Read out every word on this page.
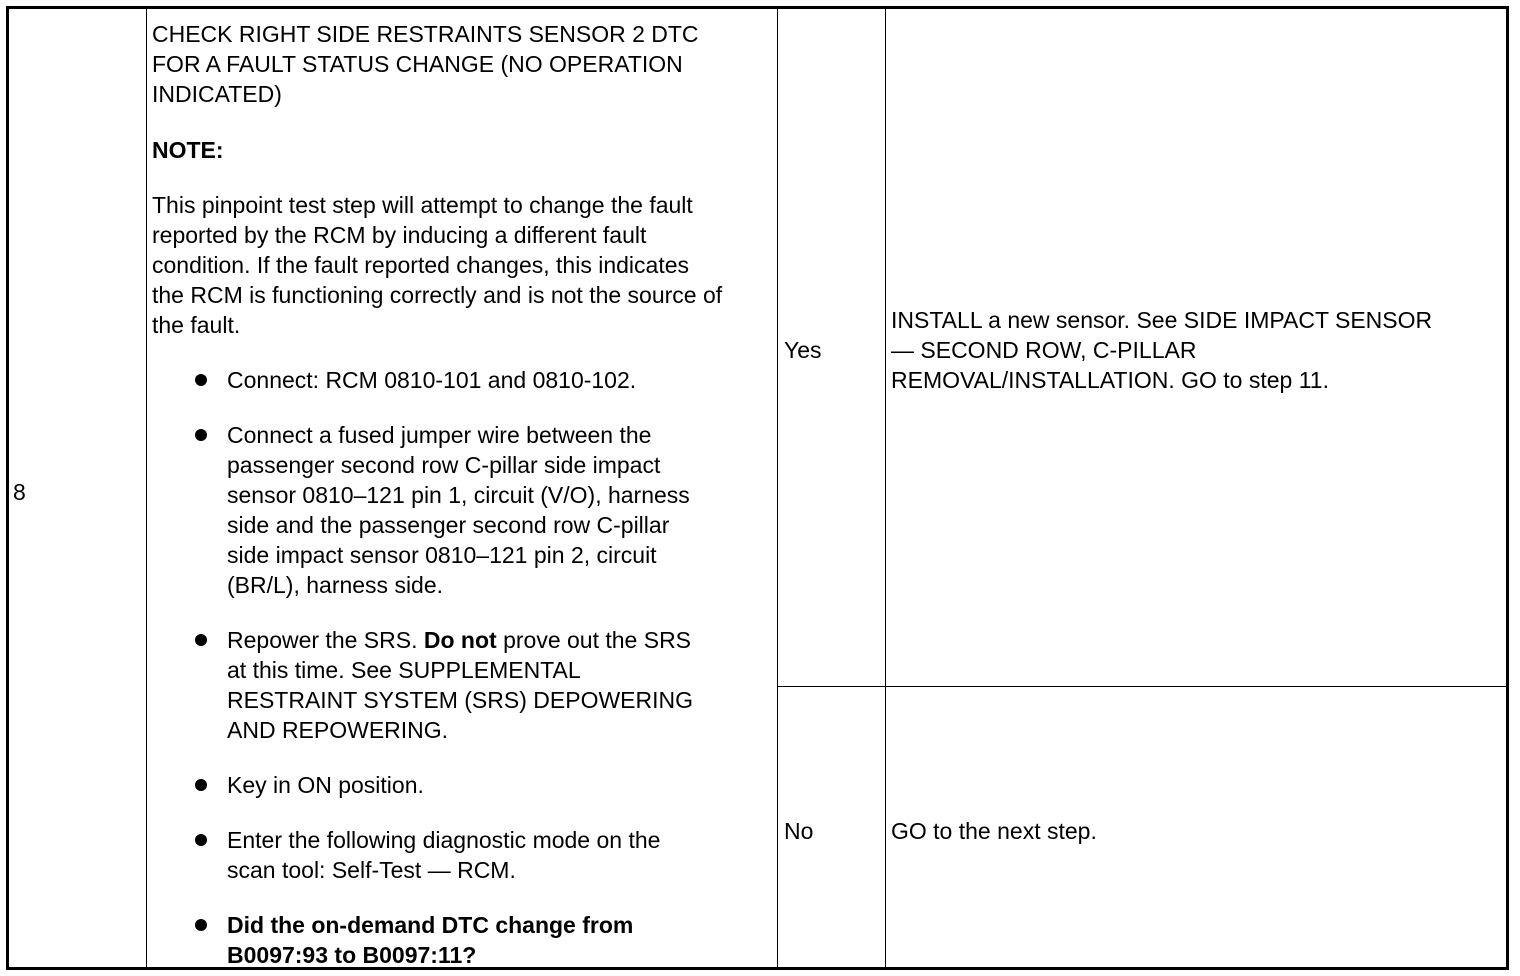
8

CHECK RIGHT SIDE RESTRAINTS SENSOR 2 DTC
FOR A FAULT STATUS CHANGE (NO OPERATION
INDICATED)

NOTE:

This pinpoint test step will attempt to change the fault
reported by the RCM by inducing a different fault
condition. If the fault reported changes, this indicates
the RCM is functioning correctly and is not the source of
the fault.

Connect: RCM 0810-101 and 0810-102.
Connect a fused jumper wire between the
passenger second row C-pillar side impact
sensor 0810–121 pin 1, circuit (V/O), harness
side and the passenger second row C-pillar
side impact sensor 0810–121 pin 2, circuit
(BR/L), harness side.
Repower the SRS. Do not prove out the SRS
at this time. See SUPPLEMENTAL
RESTRAINT SYSTEM (SRS) DEPOWERING
AND REPOWERING.
Key in ON position.
Enter the following diagnostic mode on the
scan tool: Self-Test — RCM.
Did the on-demand DTC change from
B0097:93 to B0097:11?
Yes
INSTALL a new sensor. See SIDE IMPACT SENSOR
— SECOND ROW, C-PILLAR
REMOVAL/INSTALLATION. GO to step 11.
No	GO to the next step.
